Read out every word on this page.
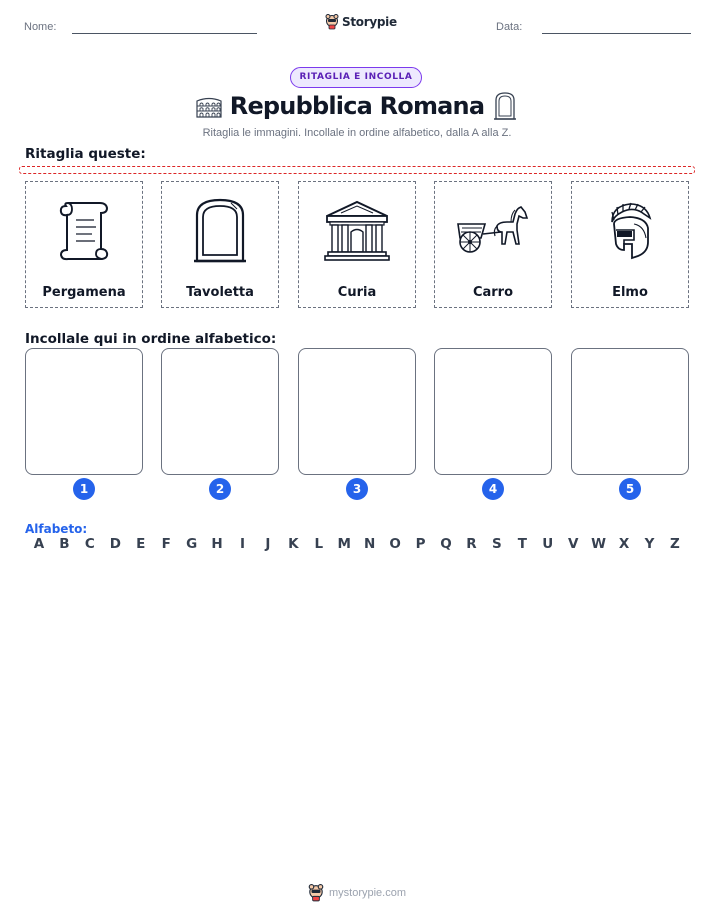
Nome:	Storypie	Data:
RITAGLIA E INCOLLA
Repubblica Romana
Ritaglia le immagini. Incollale in ordine alfabetico, dalla A alla Z.
Ritaglia queste:
Pergamena	Tavoletta	Curia	Carro	Elmo
Incollale qui in ordine alfabetico:
1	2	3	4	5
Alfabeto:
A B C D E F G H	I	J	K L M N O P Q R S T U V W X Y Z
mystorypie.com
